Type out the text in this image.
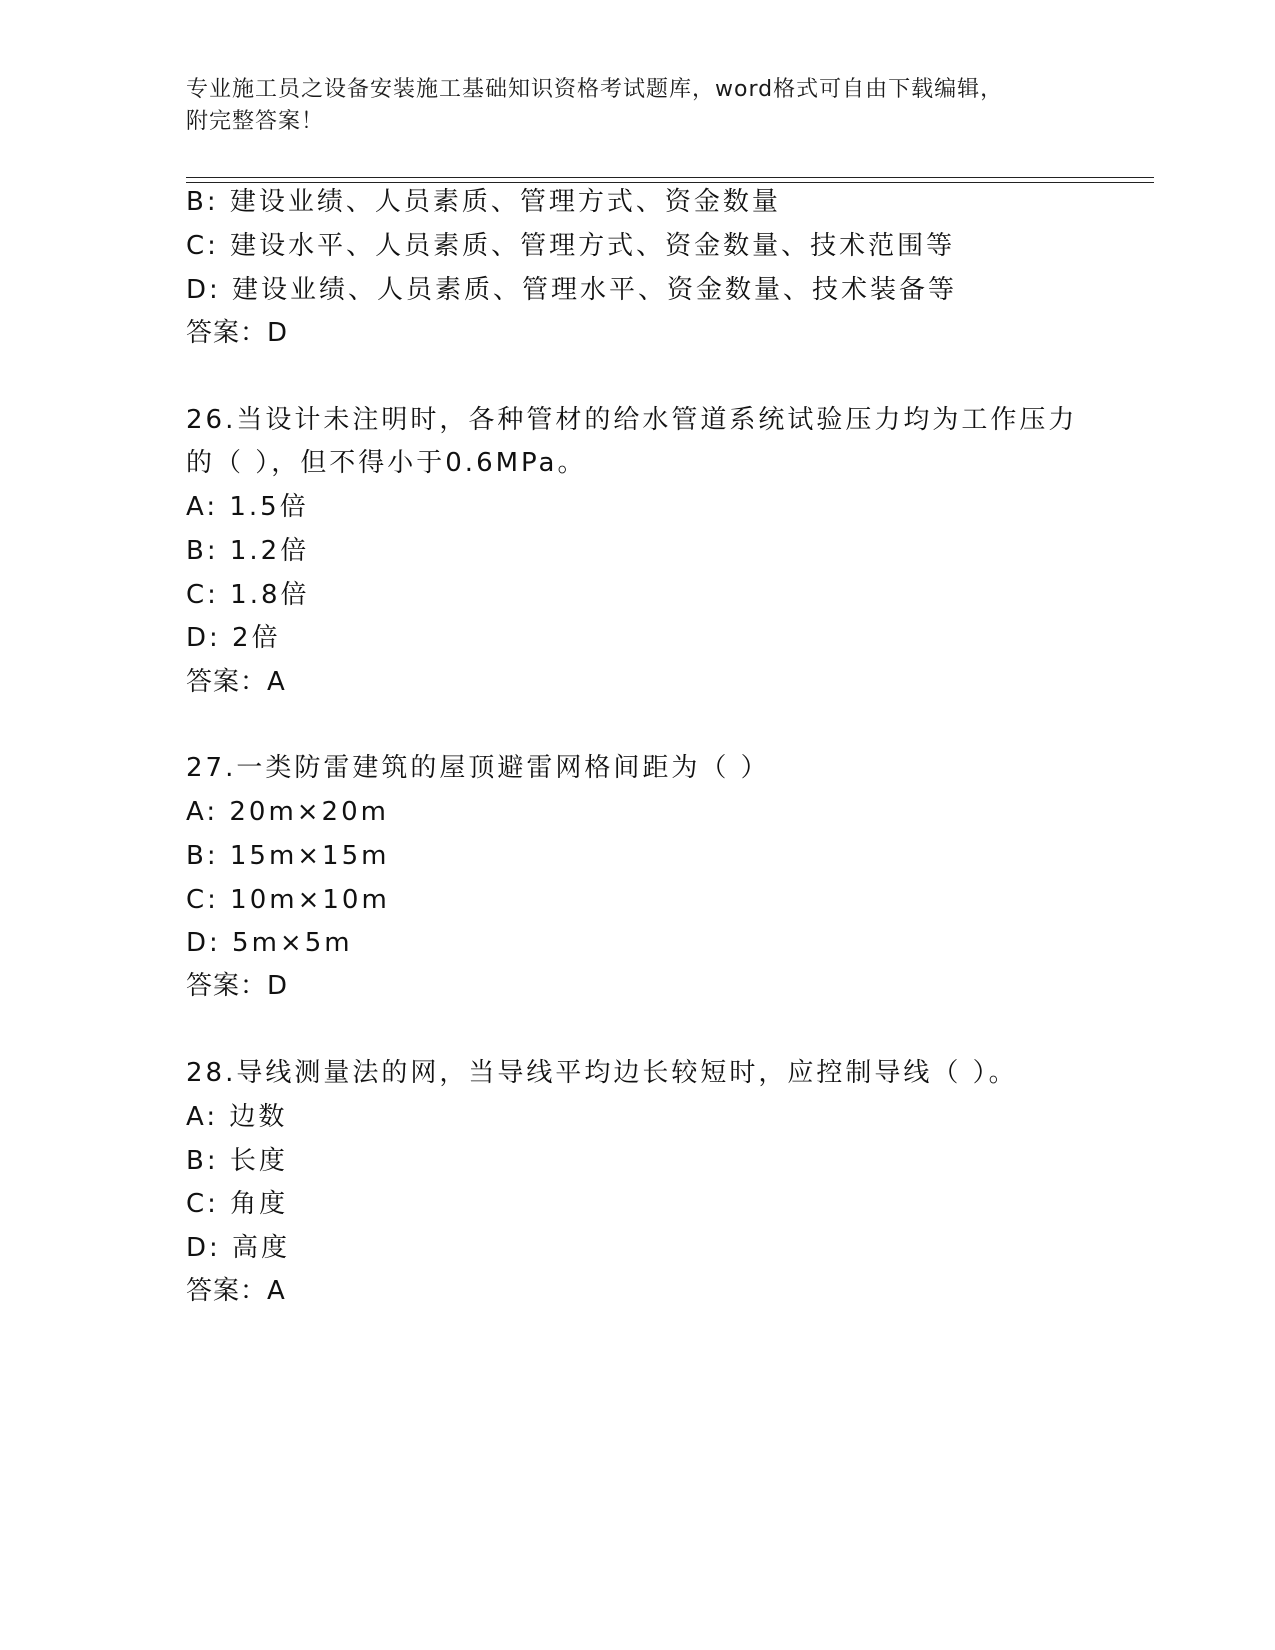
专业施工员之设备安装施工基础知识资格考试题库，word格式可自由下载编辑，
附完整答案！
B: 建设业绩、人员素质、管理方式、资金数量
C: 建设水平、人员素质、管理方式、资金数量、技术范围等
D: 建设业绩、人员素质、管理水平、资金数量、技术装备等
答案：D
26.当设计未注明时，各种管材的给水管道系统试验压力均为工作压力
的（ ），但不得小于0.6MPa。
A: 1.5倍
B: 1.2倍
C: 1.8倍
D: 2倍
答案：A
27.一类防雷建筑的屋顶避雷网格间距为（ ）
A: 20m×20m
B: 15m×15m
C: 10m×10m
D: 5m×5m
答案：D
28.导线测量法的网，当导线平均边长较短时，应控制导线（ ）。
A: 边数
B: 长度
C: 角度
D: 高度
答案：A
